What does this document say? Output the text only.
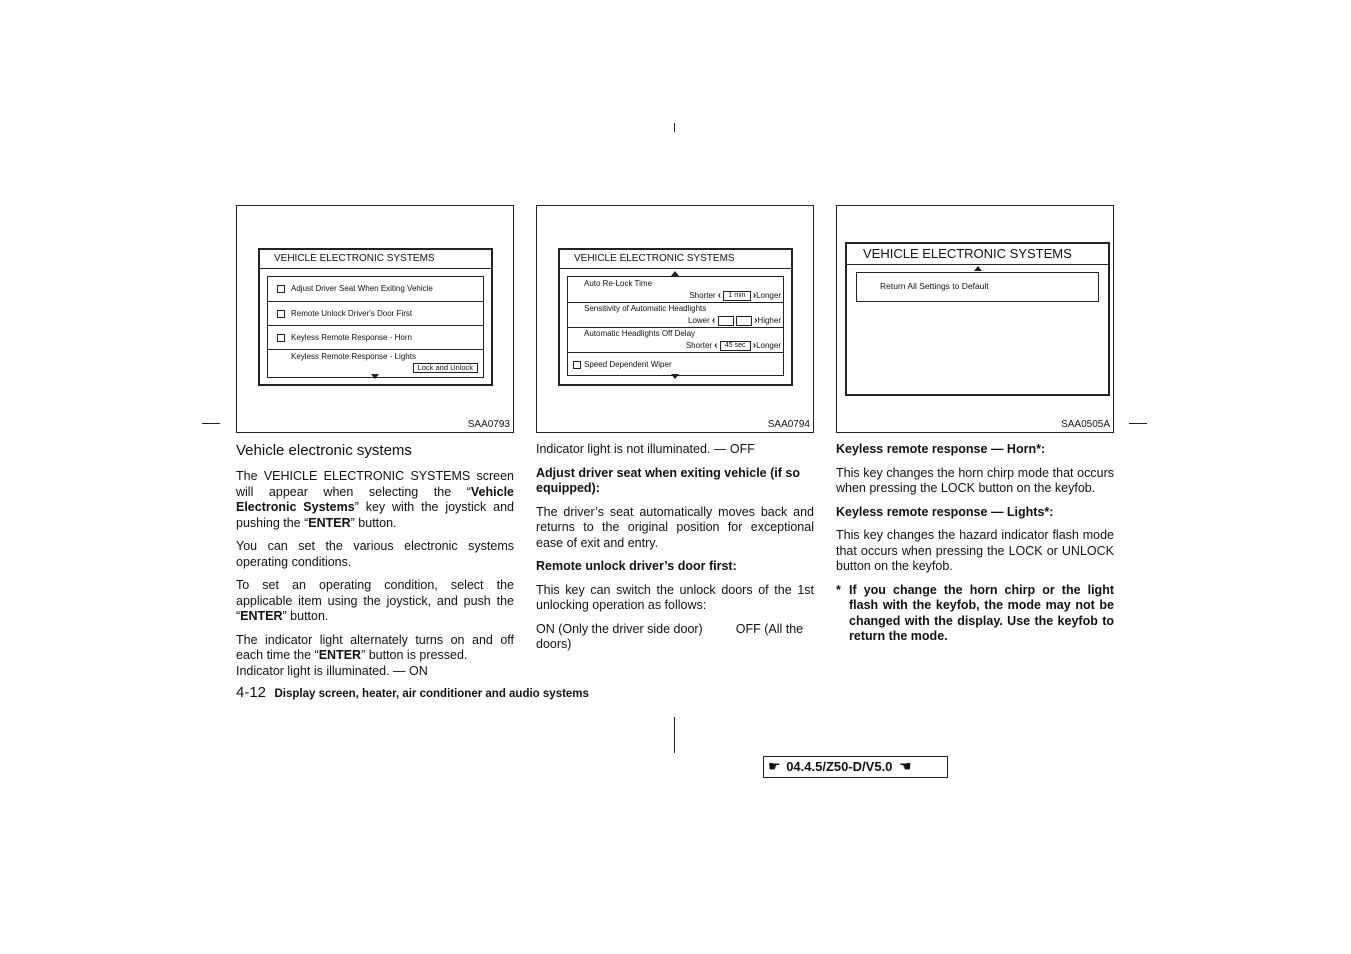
VEHICLE ELECTRONIC SYSTEMS
Adjust Driver Seat When Exiting Vehicle
Remote Unlock Driver's Door First
Keyless Remote Response - Horn
Keyless Remote Response - Lights
Lock and Unlock
SAA0793
VEHICLE ELECTRONIC SYSTEMS
Auto Re-Lock Time
Shorter ‹ 1 min ›Longer
Sensitivity of Automatic Headlights
Lower ‹	›Higher
Automatic Headlights Off Delay
Shorter ‹ 45 sec ›Longer
Speed Dependent Wiper
SAA0794
VEHICLE ELECTRONIC SYSTEMS
Return All Settings to Default
SAA0505A
Vehicle electronic systems

The VEHICLE ELECTRONIC SYSTEMS screen will appear when selecting the “Vehicle Electronic Systems” key with the joystick and pushing the “ENTER” button.

You can set the various electronic systems operating conditions.

To set an operating condition, select the applicable item using the joystick, and push the “ENTER” button.

The indicator light alternately turns on and off each time the “ENTER” button is pressed.
Indicator light is illuminated. — ON

Indicator light is not illuminated. — OFF

Adjust driver seat when exiting vehicle (if so equipped):

The driver’s seat automatically moves back and returns to the original position for exceptional ease of exit and entry.

Remote unlock driver’s door first:

This key can switch the unlock doors of the 1st unlocking operation as follows:

ON (Only the driver side door)	OFF (All the doors)

Keyless remote response — Horn*:

This key changes the horn chirp mode that occurs when pressing the LOCK button on the keyfob.

Keyless remote response — Lights*:

This key changes the hazard indicator flash mode that occurs when pressing the LOCK or UNLOCK button on the keyfob.

* If you change the horn chirp or the light flash with the keyfob, the mode may not be changed with the display. Use the keyfob to return the mode.
4-12 Display screen, heater, air conditioner and audio systems
☛ 04.4.5/Z50-D/V5.0 ☚
